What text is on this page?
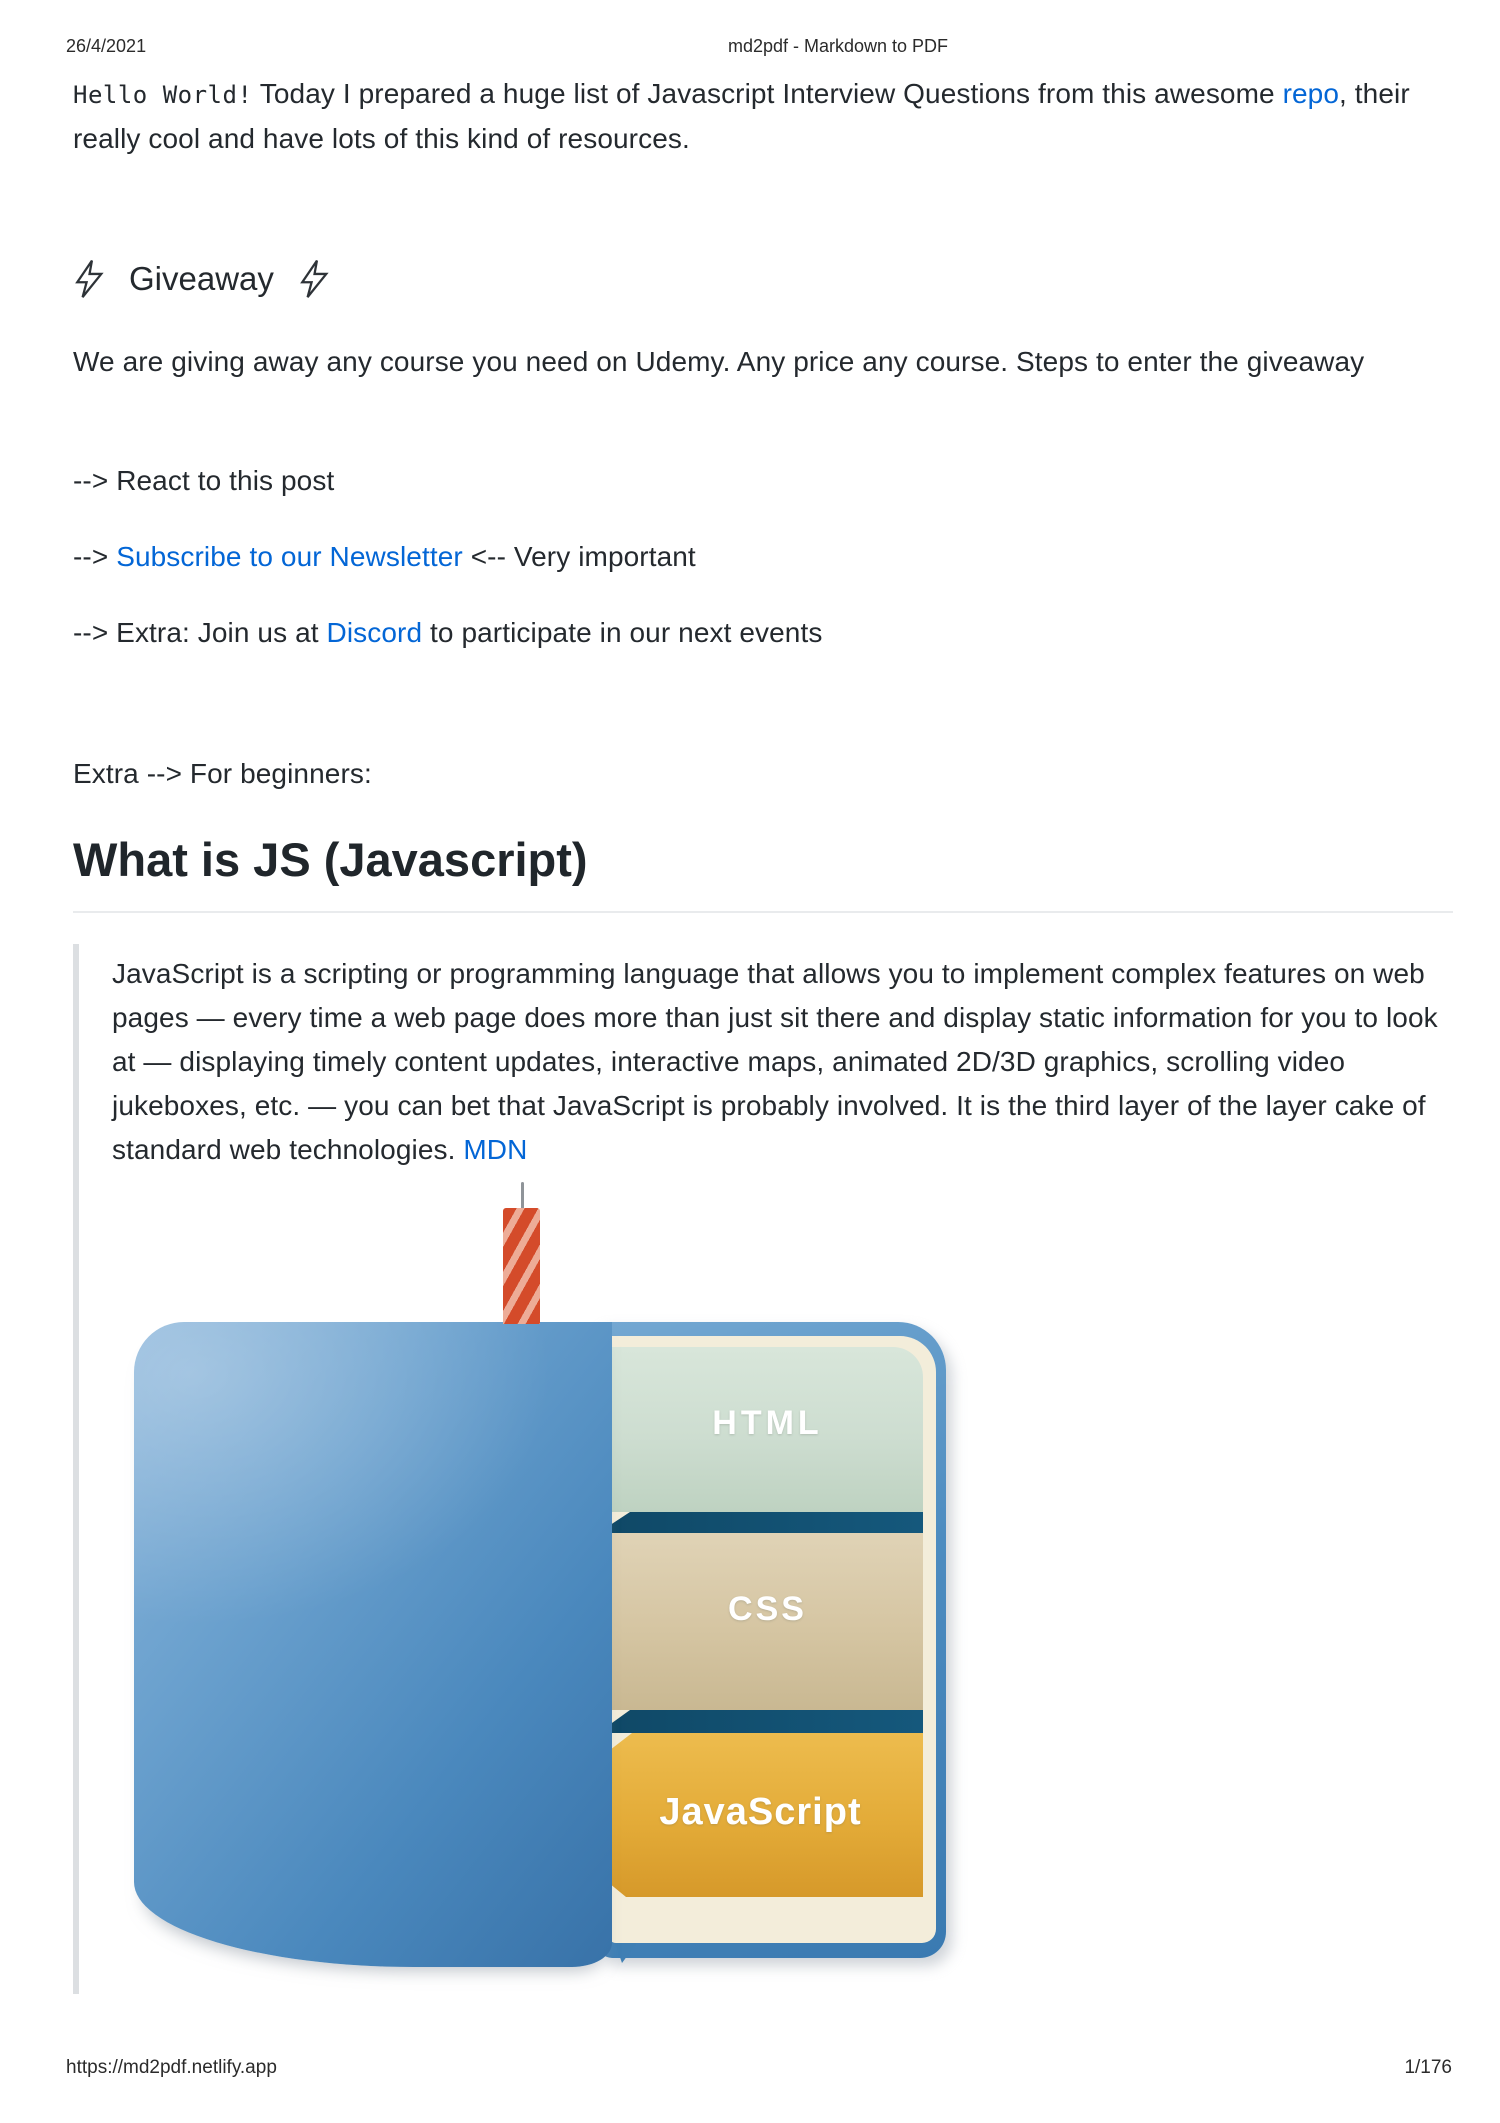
26/4/2021	md2pdf - Markdown to PDF

Hello World! Today I prepared a huge list of Javascript Interview Questions from this awesome repo, their really cool and have lots of this kind of resources.

Giveaway

We are giving away any course you need on Udemy. Any price any course. Steps to enter the giveaway

--> React to this post

--> Subscribe to our Newsletter <-- Very important

--> Extra: Join us at Discord to participate in our next events

Extra --> For beginners:

What is JS (Javascript)

JavaScript is a scripting or programming language that allows you to implement complex features on web pages — every time a web page does more than just sit there and display static information for you to look at — displaying timely content updates, interactive maps, animated 2D/3D graphics, scrolling video jukeboxes, etc. — you can bet that JavaScript is probably involved. It is the third layer of the layer cake of standard web technologies. MDN

HTML
CSS
JavaScript
https://md2pdf.netlify.app	1/176
